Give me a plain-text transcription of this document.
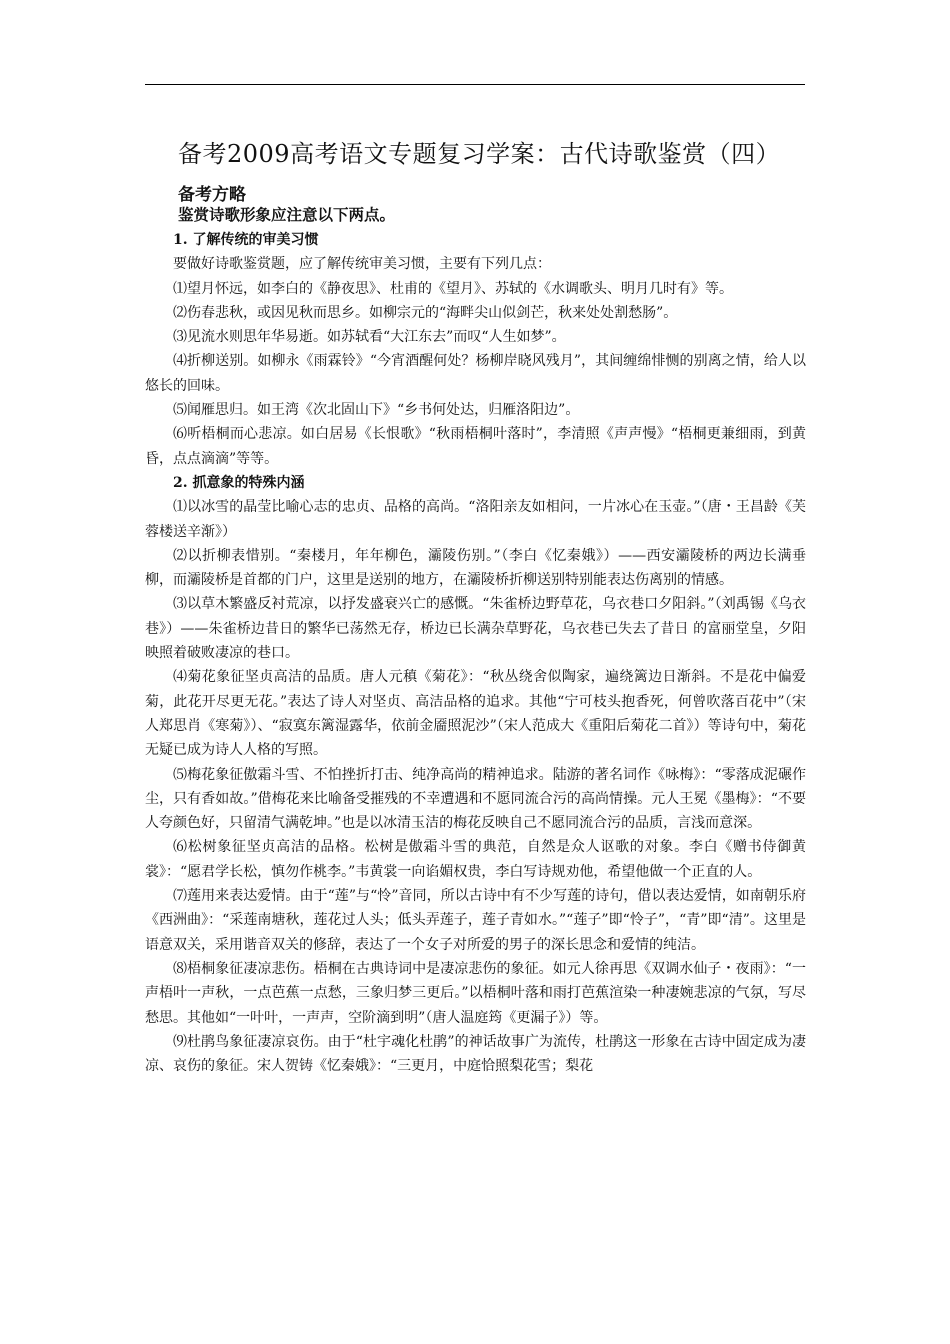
备考2009高考语文专题复习学案：古代诗歌鉴赏（四）
备考方略
鉴赏诗歌形象应注意以下两点。
1. 了解传统的审美习惯

要做好诗歌鉴赏题，应了解传统审美习惯，主要有下列几点：

⑴望月怀远，如李白的《静夜思》、杜甫的《望月》、苏轼的《水调歌头、明月几时有》等。

⑵伤春悲秋，或因见秋而思乡。如柳宗元的“海畔尖山似剑芒，秋来处处割愁肠”。

⑶见流水则思年华易逝。如苏轼看“大江东去”而叹“人生如梦”。

⑷折柳送别。如柳永《雨霖铃》“今宵酒醒何处？杨柳岸晓风残月”，其间缠绵悱恻的别离之情，给人以悠长的回味。

⑸闻雁思归。如王湾《次北固山下》“乡书何处达，归雁洛阳边”。

⑹听梧桐而心悲凉。如白居易《长恨歌》“秋雨梧桐叶落时”，李清照《声声慢》“梧桐更兼细雨，到黄昏，点点滴滴”等等。

2. 抓意象的特殊内涵

⑴以冰雪的晶莹比喻心志的忠贞、品格的高尚。“洛阳亲友如相问，一片冰心在玉壶。”（唐・王昌龄《芙蓉楼送辛渐》）

⑵以折柳表惜别。“秦楼月，年年柳色，灞陵伤别。”（李白《忆秦娥》）——西安灞陵桥的两边长满垂柳，而灞陵桥是首都的门户，这里是送别的地方，在灞陵桥折柳送别特别能表达伤离别的情感。

⑶以草木繁盛反衬荒凉，以抒发盛衰兴亡的感慨。“朱雀桥边野草花，乌衣巷口夕阳斜。”（刘禹锡《乌衣巷》）——朱雀桥边昔日的繁华已荡然无存，桥边已长满杂草野花，乌衣巷已失去了昔日 的富丽堂皇，夕阳映照着破败凄凉的巷口。

⑷菊花象征坚贞高洁的品质。唐人元稹《菊花》：“秋丛绕舍似陶家，遍绕篱边日渐斜。不是花中偏爱菊，此花开尽更无花。”表达了诗人对坚贞、高洁品格的追求。其他“宁可枝头抱香死，何曾吹落百花中”（宋人郑思肖《寒菊》）、“寂寞东篱湿露华，依前金靥照泥沙”（宋人范成大《重阳后菊花二首》）等诗句中，菊花无疑已成为诗人人格的写照。

⑸梅花象征傲霜斗雪、不怕挫折打击、纯净高尚的精神追求。陆游的著名词作《咏梅》：“零落成泥碾作尘，只有香如故。”借梅花来比喻备受摧残的不幸遭遇和不愿同流合污的高尚情操。元人王冕《墨梅》：“不要人夸颜色好，只留清气满乾坤。”也是以冰清玉洁的梅花反映自己不愿同流合污的品质，言浅而意深。

⑹松树象征坚贞高洁的品格。松树是傲霜斗雪的典范，自然是众人讴歌的对象。李白《赠书侍御黄裳》：“愿君学长松，慎勿作桃李。”韦黄裳一向谄媚权贵，李白写诗规劝他，希望他做一个正直的人。

⑺莲用来表达爱情。由于“莲”与“怜”音同，所以古诗中有不少写莲的诗句，借以表达爱情，如南朝乐府《西洲曲》：“采莲南塘秋，莲花过人头；低头弄莲子，莲子青如水。”“莲子”即“怜子”，“青”即“清”。这里是语意双关，采用谐音双关的修辞，表达了一个女子对所爱的男子的深长思念和爱情的纯洁。

⑻梧桐象征凄凉悲伤。梧桐在古典诗词中是凄凉悲伤的象征。如元人徐再思《双调水仙子・夜雨》：“一声梧叶一声秋，一点芭蕉一点愁，三象归梦三更后。”以梧桐叶落和雨打芭蕉渲染一种凄婉悲凉的气氛，写尽愁思。其他如“一叶叶，一声声，空阶滴到明”（唐人温庭筠《更漏子》）等。

⑼杜鹃鸟象征凄凉哀伤。由于“杜宇魂化杜鹃”的神话故事广为流传，杜鹃这一形象在古诗中固定成为凄凉、哀伤的象征。宋人贺铸《忆秦娥》：“三更月，中庭恰照梨花雪；梨花
